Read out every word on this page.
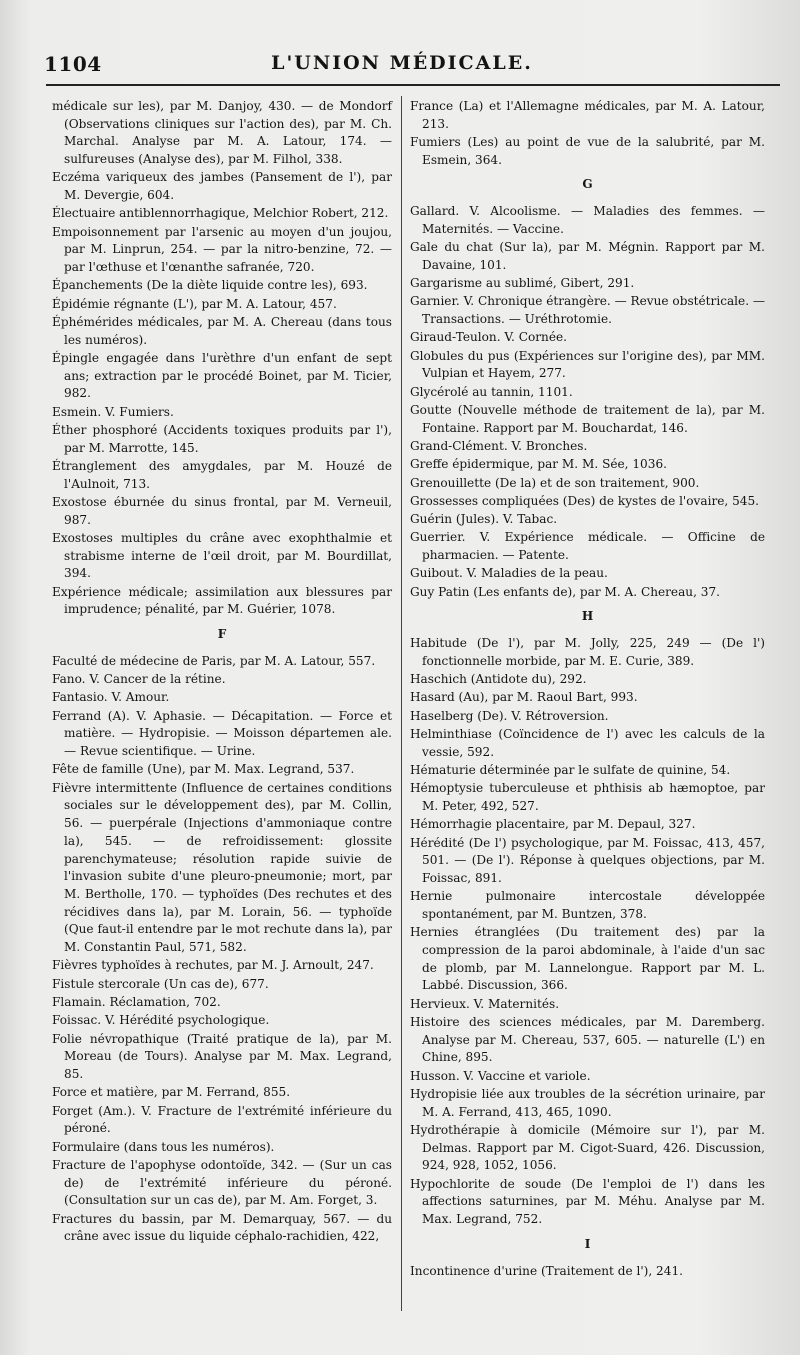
1104	L'UNION MÉDICALE.
médicale sur les), par M. Danjoy, 430. — de Mondorf (Observations cliniques sur l'action des), par M. Ch. Marchal. Analyse par M. A. Latour, 174. — sulfureuses (Analyse des), par M. Filhol, 338.
Eczéma variqueux des jambes (Pansement de l'), par M. Devergie, 604.
Électuaire antiblennorrhagique, Melchior Robert, 212.
Empoisonnement par l'arsenic au moyen d'un joujou, par M. Linprun, 254. — par la nitro-benzine, 72. — par l'œthuse et l'œnanthe safranée, 720.
Épanchements (De la diète liquide contre les), 693.
Épidémie régnante (L'), par M. A. Latour, 457.
Éphémérides médicales, par M. A. Chereau (dans tous les numéros).
Épingle engagée dans l'urèthre d'un enfant de sept ans; extraction par le procédé Boinet, par M. Ticier, 982.
Esmein. V. Fumiers.
Éther phosphoré (Accidents toxiques produits par l'), par M. Marrotte, 145.
Étranglement des amygdales, par M. Houzé de l'Aulnoit, 713.
Exostose éburnée du sinus frontal, par M. Verneuil, 987.
Exostoses multiples du crâne avec exophthalmie et strabisme interne de l'œil droit, par M. Bourdillat, 394.
Expérience médicale; assimilation aux blessures par imprudence; pénalité, par M. Guérier, 1078.
F
Faculté de médecine de Paris, par M. A. Latour, 557.
Fano. V. Cancer de la rétine.
Fantasio. V. Amour.
Ferrand (A). V. Aphasie. — Décapitation. — Force et matière. — Hydropisie. — Moisson départemen ale. — Revue scientifique. — Urine.
Fête de famille (Une), par M. Max. Legrand, 537.
Fièvre intermittente (Influence de certaines conditions sociales sur le développement des), par M. Collin, 56. — puerpérale (Injections d'ammoniaque contre la), 545. — de refroidissement: glossite parenchymateuse; résolution rapide suivie de l'invasion subite d'une pleuro-pneumonie; mort, par M. Bertholle, 170. — typhoïdes (Des rechutes et des récidives dans la), par M. Lorain, 56. — typhoïde (Que faut-il entendre par le mot rechute dans la), par M. Constantin Paul, 571, 582.
Fièvres typhoïdes à rechutes, par M. J. Arnoult, 247.
Fistule stercorale (Un cas de), 677.
Flamain. Réclamation, 702.
Foissac. V. Hérédité psychologique.
Folie névropathique (Traité pratique de la), par M. Moreau (de Tours). Analyse par M. Max. Legrand, 85.
Force et matière, par M. Ferrand, 855.
Forget (Am.). V. Fracture de l'extrémité inférieure du péroné.
Formulaire (dans tous les numéros).
Fracture de l'apophyse odontoïde, 342. — (Sur un cas de) de l'extrémité inférieure du péroné. (Consultation sur un cas de), par M. Am. Forget, 3.
Fractures du bassin, par M. Demarquay, 567. — du crâne avec issue du liquide céphalo-rachidien, 422,
France (La) et l'Allemagne médicales, par M. A. Latour, 213.
Fumiers (Les) au point de vue de la salubrité, par M. Esmein, 364.
G
Gallard. V. Alcoolisme. — Maladies des femmes. — Maternités. — Vaccine.
Gale du chat (Sur la), par M. Mégnin. Rapport par M. Davaine, 101.
Gargarisme au sublimé, Gibert, 291.
Garnier. V. Chronique étrangère. — Revue obstétricale. — Transactions. — Uréthrotomie.
Giraud-Teulon. V. Cornée.
Globules du pus (Expériences sur l'origine des), par MM. Vulpian et Hayem, 277.
Glycérolé au tannin, 1101.
Goutte (Nouvelle méthode de traitement de la), par M. Fontaine. Rapport par M. Bouchardat, 146.
Grand-Clément. V. Bronches.
Greffe épidermique, par M. M. Sée, 1036.
Grenouillette (De la) et de son traitement, 900.
Grossesses compliquées (Des) de kystes de l'ovaire, 545.
Guérin (Jules). V. Tabac.
Guerrier. V. Expérience médicale. — Officine de pharmacien. — Patente.
Guibout. V. Maladies de la peau.
Guy Patin (Les enfants de), par M. A. Chereau, 37.
H
Habitude (De l'), par M. Jolly, 225, 249 — (De l') fonctionnelle morbide, par M. E. Curie, 389.
Haschich (Antidote du), 292.
Hasard (Au), par M. Raoul Bart, 993.
Haselberg (De). V. Rétroversion.
Helminthiase (Coïncidence de l') avec les calculs de la vessie, 592.
Hématurie déterminée par le sulfate de quinine, 54.
Hémoptysie tuberculeuse et phthisis ab hæmoptoe, par M. Peter, 492, 527.
Hémorrhagie placentaire, par M. Depaul, 327.
Hérédité (De l') psychologique, par M. Foissac, 413, 457, 501. — (De l'). Réponse à quelques objections, par M. Foissac, 891.
Hernie pulmonaire intercostale développée spontanément, par M. Buntzen, 378.
Hernies étranglées (Du traitement des) par la compression de la paroi abdominale, à l'aide d'un sac de plomb, par M. Lannelongue. Rapport par M. L. Labbé. Discussion, 366.
Hervieux. V. Maternités.
Histoire des sciences médicales, par M. Daremberg. Analyse par M. Chereau, 537, 605. — naturelle (L') en Chine, 895.
Husson. V. Vaccine et variole.
Hydropisie liée aux troubles de la sécrétion urinaire, par M. A. Ferrand, 413, 465, 1090.
Hydrothérapie à domicile (Mémoire sur l'), par M. Delmas. Rapport par M. Cigot-Suard, 426. Discussion, 924, 928, 1052, 1056.
Hypochlorite de soude (De l'emploi de l') dans les affections saturnines, par M. Méhu. Analyse par M. Max. Legrand, 752.
I
Incontinence d'urine (Traitement de l'), 241.
